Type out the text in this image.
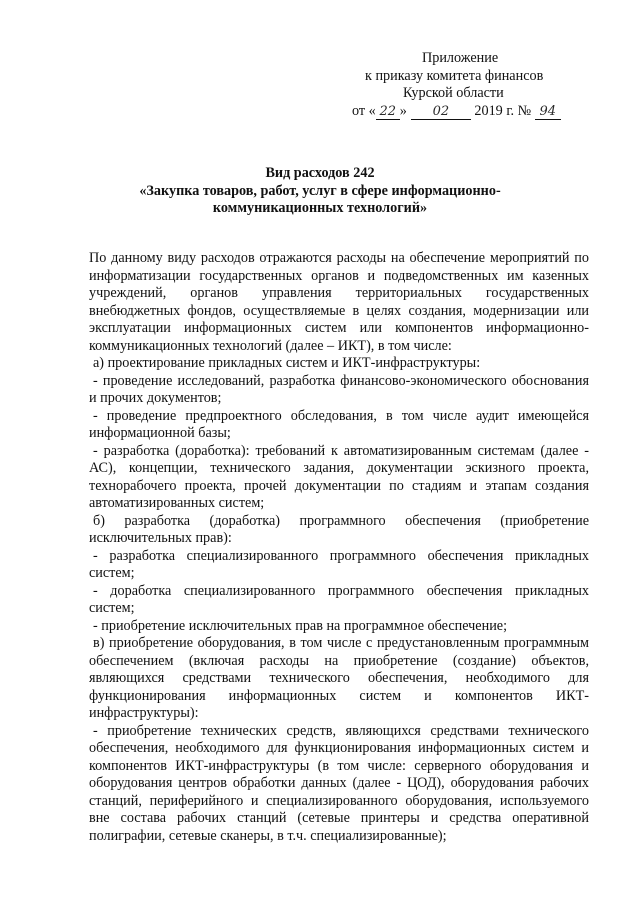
Приложение
к приказу комитета финансов
Курской области
от « 22 » 02 2019 г. № 94
Вид расходов 242
«Закупка товаров, работ, услуг в сфере информационно-
коммуникационных технологий»

По данному виду расходов отражаются расходы на обеспечение мероприятий по информатизации государственных органов и подведомственных им казенных учреждений, органов управления территориальных государственных внебюджетных фондов, осуществляемые в целях создания, модернизации или эксплуатации информационных систем или компонентов информационно-коммуникационных технологий (далее – ИКТ), в том числе:

а) проектирование прикладных систем и ИКТ-инфраструктуры:

- проведение исследований, разработка финансово-экономического обоснования и прочих документов;

- проведение предпроектного обследования, в том числе аудит имеющейся информационной базы;

- разработка (доработка): требований к автоматизированным системам (далее - АС), концепции, технического задания, документации эскизного проекта, технорабочего проекта, прочей документации по стадиям и этапам создания автоматизированных систем;

б) разработка (доработка) программного обеспечения (приобретение исключительных прав):

- разработка специализированного программного обеспечения прикладных систем;

- доработка специализированного программного обеспечения прикладных систем;

- приобретение исключительных прав на программное обеспечение;

в) приобретение оборудования, в том числе с предустановленным программным обеспечением (включая расходы на приобретение (создание) объектов, являющихся средствами технического обеспечения, необходимого для функционирования информационных систем и компонентов ИКТ-инфраструктуры):

- приобретение технических средств, являющихся средствами технического обеспечения, необходимого для функционирования информационных систем и компонентов ИКТ-инфраструктуры (в том числе: серверного оборудования и оборудования центров обработки данных (далее - ЦОД), оборудования рабочих станций, периферийного и специализированного оборудования, используемого вне состава рабочих станций (сетевые принтеры и средства оперативной полиграфии, сетевые сканеры, в т.ч. специализированные);
